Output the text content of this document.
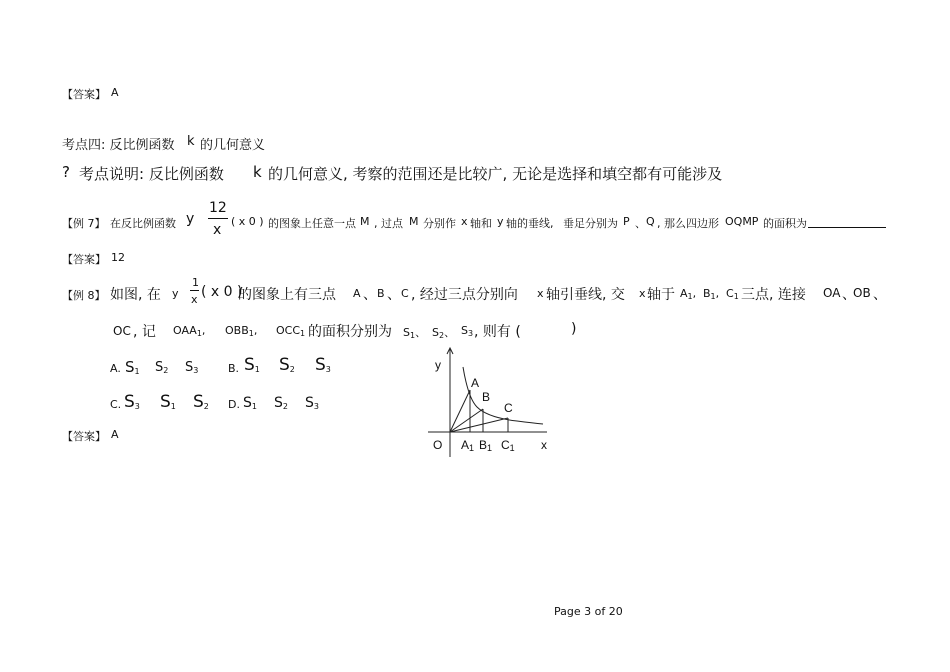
【答案】 A
考点四: 反比例函数 k 的几何意义
? 考点说明: 反比例函数 k 的几何意义, 考察的范围还是比较广, 无论是选择和填空都有可能涉及
【例 7】 在反比例函数 y
12
x
( x 0 ) 的图象上任意一点 M , 过点 M 分别作 x 轴和 y 轴的垂线, 垂足分别为 P 、 Q , 那么四边形 OQMP 的面积为
【答案】 12
【例 8】 如图, 在 y
1
x ( x 0 )
的图象上有三点 A 、 B 、 C , 经过三点分别向 x 轴引垂线, 交 x 轴于 $A_1$, $B_1$, $C_1$ 三点, 连接 OA 、
OB 、
OC , 记 $OAA_1$, $OBB_1$, $OCC_1$ 的面积分别为 $S_1$、 $S_2$、 $S_3$ , 则有 (	)
A. $S_1$ $S_2$ $S_3$	B. $S_1$ $S_2$ $S_3$
C. $S_3$ $S_1$ $S_2$ D. $S_1$ $S_2$ $S_3$
【答案】 A
y
x
O
A
B
C
A1 B1 C1
Page 3 of 20
